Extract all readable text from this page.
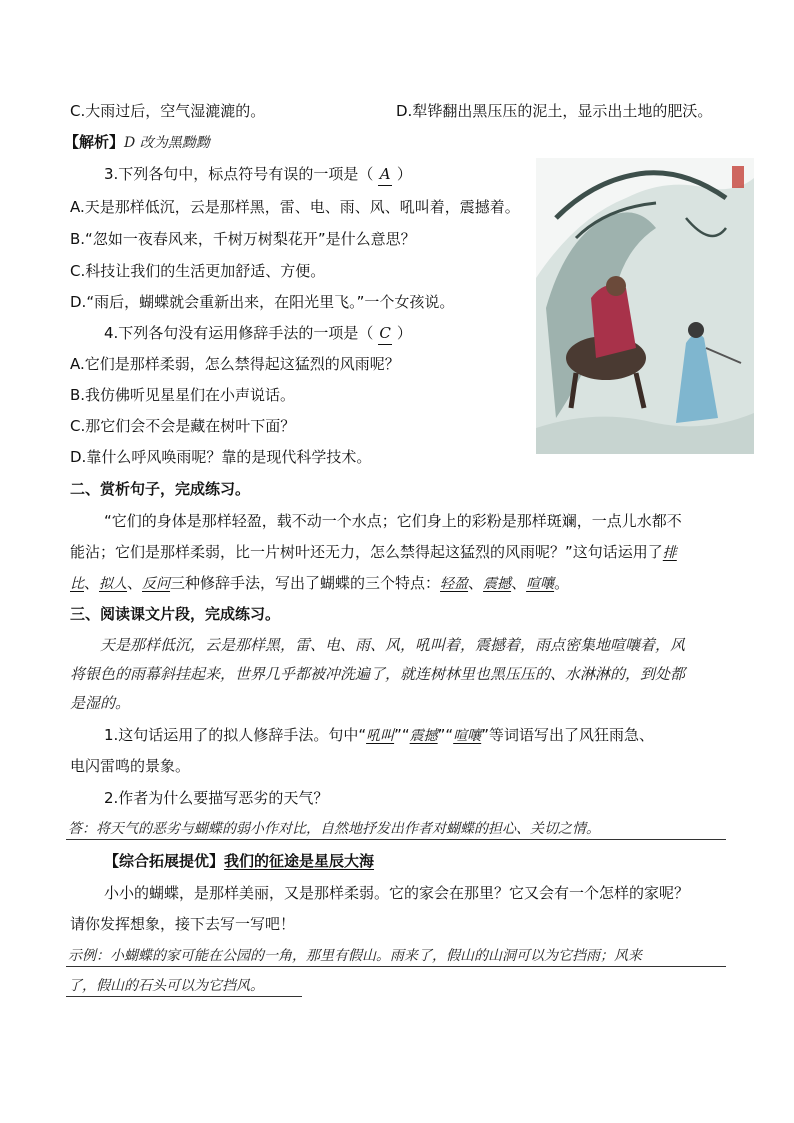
C.大雨过后，空气湿漉漉的。	D.犁铧翻出黑压压的泥土，显示出土地的肥沃。
【解析】D 改为黑黝黝
3.下列各句中，标点符号有误的一项是（ A ）
A.天是那样低沉，云是那样黑，雷、电、雨、风、吼叫着，震撼着。
B.“忽如一夜春风来，千树万树梨花开”是什么意思？
C.科技让我们的生活更加舒适、方便。
D.“雨后，蝴蝶就会重新出来，在阳光里飞。”一个女孩说。
4.下列各句没有运用修辞手法的一项是（ C ）
A.它们是那样柔弱，怎么禁得起这猛烈的风雨呢？
B.我仿佛听见星星们在小声说话。
C.那它们会不会是藏在树叶下面？
D.靠什么呼风唤雨呢？靠的是现代科学技术。
二、赏析句子，完成练习。
“它们的身体是那样轻盈，载不动一个水点；它们身上的彩粉是那样斑斓，一点儿水都不
能沾；它们是那样柔弱，比一片树叶还无力，怎么禁得起这猛烈的风雨呢？”这句话运用了排
比、拟人、反问三种修辞手法，写出了蝴蝶的三个特点：轻盈、震撼、喧嚷。
三、阅读课文片段，完成练习。
天是那样低沉，云是那样黑，雷、电、雨、风，吼叫着，震撼着，雨点密集地喧嚷着，风
将银色的雨幕斜挂起来，世界几乎都被冲洗遍了，就连树林里也黑压压的、水淋淋的，到处都
是湿的。
1.这句话运用了的拟人修辞手法。句中“吼叫”“震撼”“喧嚷”等词语写出了风狂雨急、
电闪雷鸣的景象。
2.作者为什么要描写恶劣的天气？
答：将天气的恶劣与蝴蝶的弱小作对比，自然地抒发出作者对蝴蝶的担心、关切之情。
【综合拓展提优】我们的征途是星辰大海
小小的蝴蝶，是那样美丽，又是那样柔弱。它的家会在那里？它又会有一个怎样的家呢？
请你发挥想象，接下去写一写吧！
示例：小蝴蝶的家可能在公园的一角，那里有假山。雨来了，假山的山洞可以为它挡雨；风来
了，假山的石头可以为它挡风。
